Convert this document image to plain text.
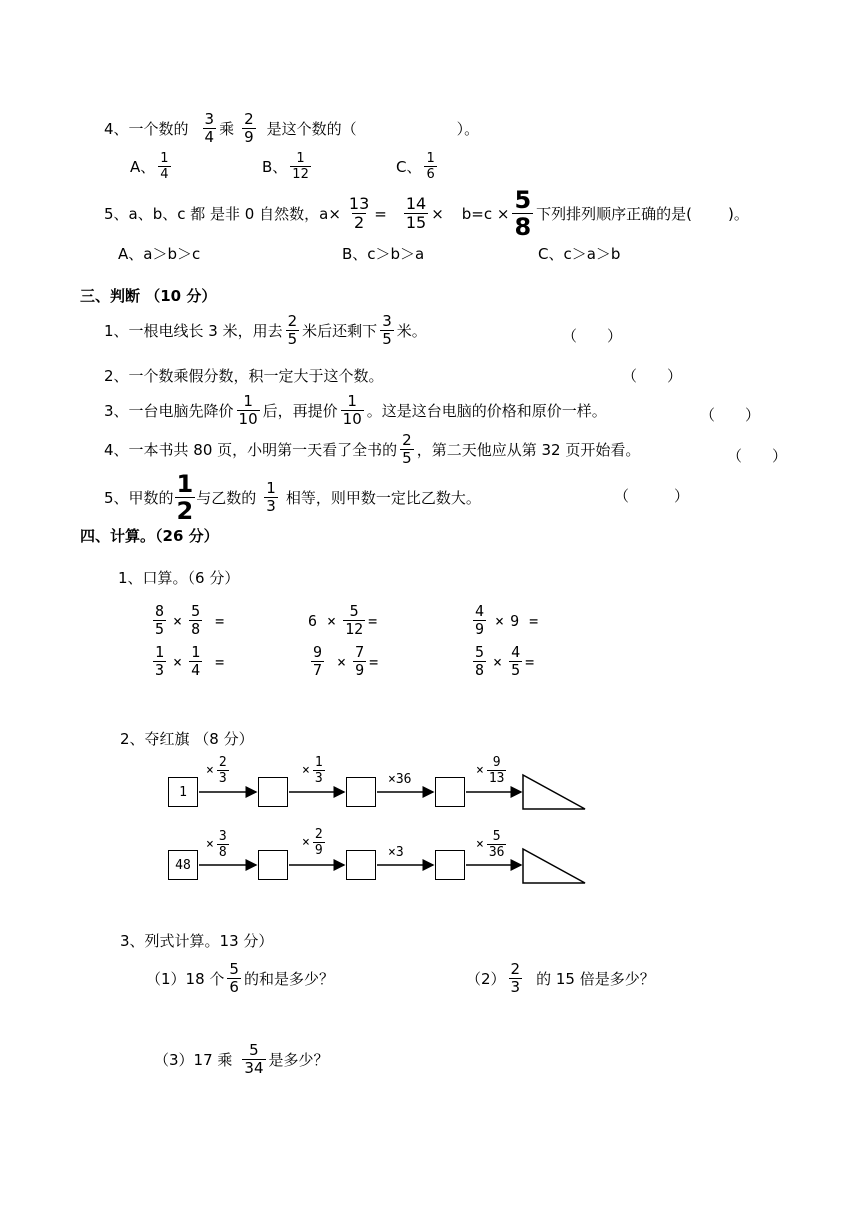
4、一个数的 $\frac{3}{4}$ 乘 $\frac{2}{9}$ 是这个数的（	）。
A、 $\frac{1}{4}$	B、 $\frac{1}{12}$	C、 $\frac{1}{6}$
5、a、b、c 都 是非 0 自然数，$a\times \frac{13}{2} = \frac{14}{15} \times b=c \times \frac{5}{8}$ 下列排列顺序正确的是( )。
A、a＞b＞c	B、c＞b＞a	C、c＞a＞b
三、判断 （10 分）
1、一根电线长 3 米，用去 $\frac{2}{5}$ 米后还剩下 $\frac{3}{5}$ 米。	（　　）
2、一个数乘假分数，积一定大于这个数。	（　　）
3、一台电脑先降价 $\frac{1}{10}$ 后，再提价 $\frac{1}{10}$ 。这是这台电脑的价格和原价一样。	（　　）
4、一本书共 80 页，小明第一天看了全书的 $\frac{2}{5}$ ，第二天他应从第 32 页开始看。	（　　）
5、甲数的 $\frac{1}{2}$ 与乙数的 $\frac{1}{3}$ 相等，则甲数一定比乙数大。	（　　　）
四、计算。（26 分）
1、口算。（6 分）
$\frac{8}{5} \times \frac{5}{8}$ =	$6 \times \frac{5}{12}$ =	$\frac{4}{9} \times 9$ =
$\frac{1}{3} \times \frac{1}{4}$ =	$\frac{9}{7} \times \frac{7}{9}$ =	$\frac{5}{8} \times \frac{4}{5}$ =
2、夺红旗 （8 分）
1
× $\frac{2}{3}$	× $\frac{1}{3}$	×36
× $\frac{9}{13}$
48
× $\frac{3}{8}$	× $\frac{2}{9}$	×3
× $\frac{5}{36}$
3、列式计算。13 分）
（1）18 个 $\frac{5}{6}$ 的和是多少？	$(2) \frac{2}{3}$ 的 15 倍是多少？
（3）17 乘 $\frac{5}{34}$ 是多少？
